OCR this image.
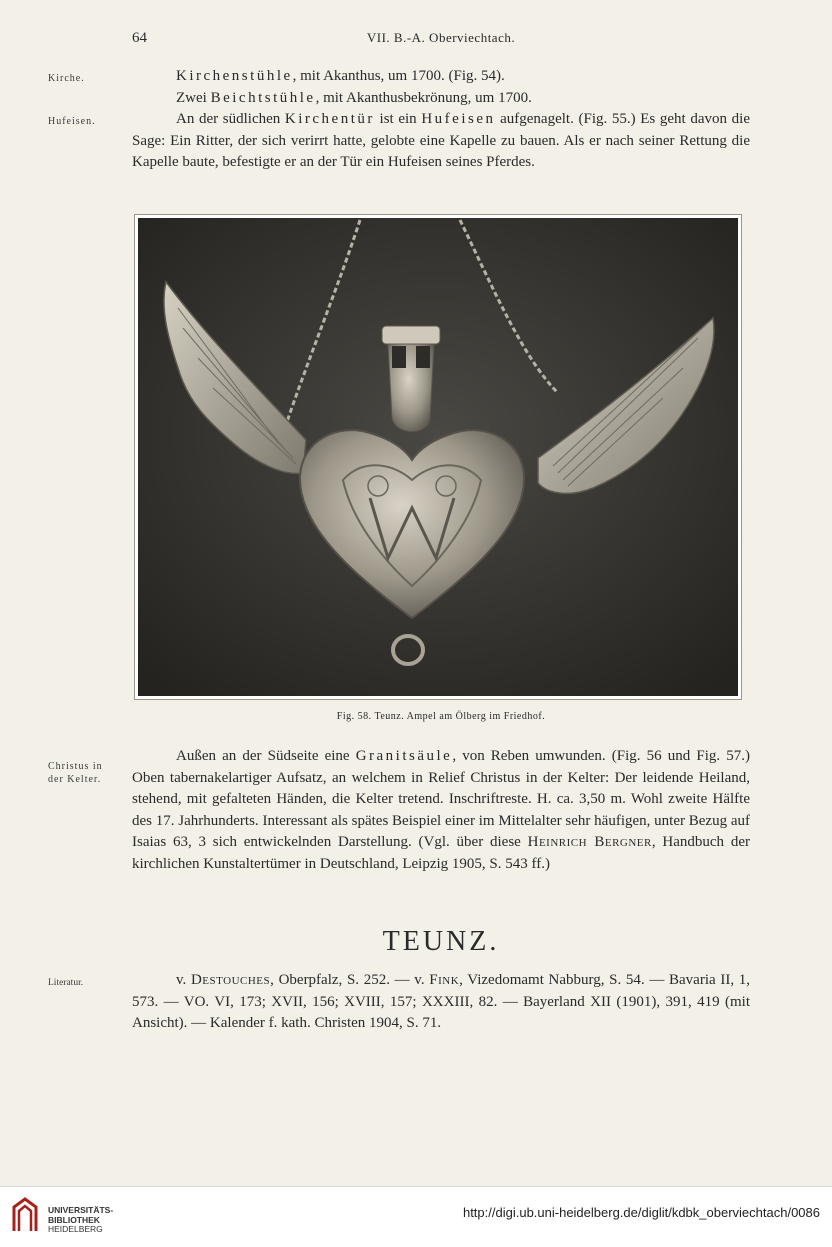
64	VII. B.-A. Oberviechtach.
Kirche.
Hufeisen.

Kirchenstühle, mit Akanthus, um 1700. (Fig. 54).

Zwei Beichtstühle, mit Akanthusbekrönung, um 1700.

An der südlichen Kirchentür ist ein Hufeisen aufgenagelt. (Fig. 55.) Es geht davon die Sage: Ein Ritter, der sich verirrt hatte, gelobte eine Kapelle zu bauen. Als er nach seiner Rettung die Kapelle baute, befestigte er an der Tür ein Hufeisen seines Pferdes.

Fig. 58. Teunz. Ampel am Ölberg im Friedhof.
Christus in
der Kelter.

Außen an der Südseite eine Granitsäule, von Reben umwunden. (Fig. 56 und Fig. 57.) Oben tabernakelartiger Aufsatz, an welchem in Relief Christus in der Kelter: Der leidende Heiland, stehend, mit gefalteten Händen, die Kelter tretend. Inschriftreste. H. ca. 3,50 m. Wohl zweite Hälfte des 17. Jahrhunderts. Interessant als spätes Beispiel einer im Mittelalter sehr häufigen, unter Bezug auf Isaias 63, 3 sich entwickelnden Darstellung. (Vgl. über diese Heinrich Bergner, Handbuch der kirchlichen Kunstaltertümer in Deutschland, Leipzig 1905, S. 543 ff.)

TEUNZ.
Literatur.	v. Destouches, Oberpfalz, S. 252. — v. Fink, Vizedomamt Nabburg, S. 54. — Bavaria II, 1, 573. — VO. VI, 173; XVII, 156; XVIII, 157; XXXIII, 82. — Bayerland XII (1901), 391, 419 (mit Ansicht). — Kalender f. kath. Christen 1904, S. 71.

UNIVERSITÄTS-
BIBLIOTHEK
HEIDELBERG
http://digi.ub.uni-heidelberg.de/diglit/kdbk_oberviechtach/0086
